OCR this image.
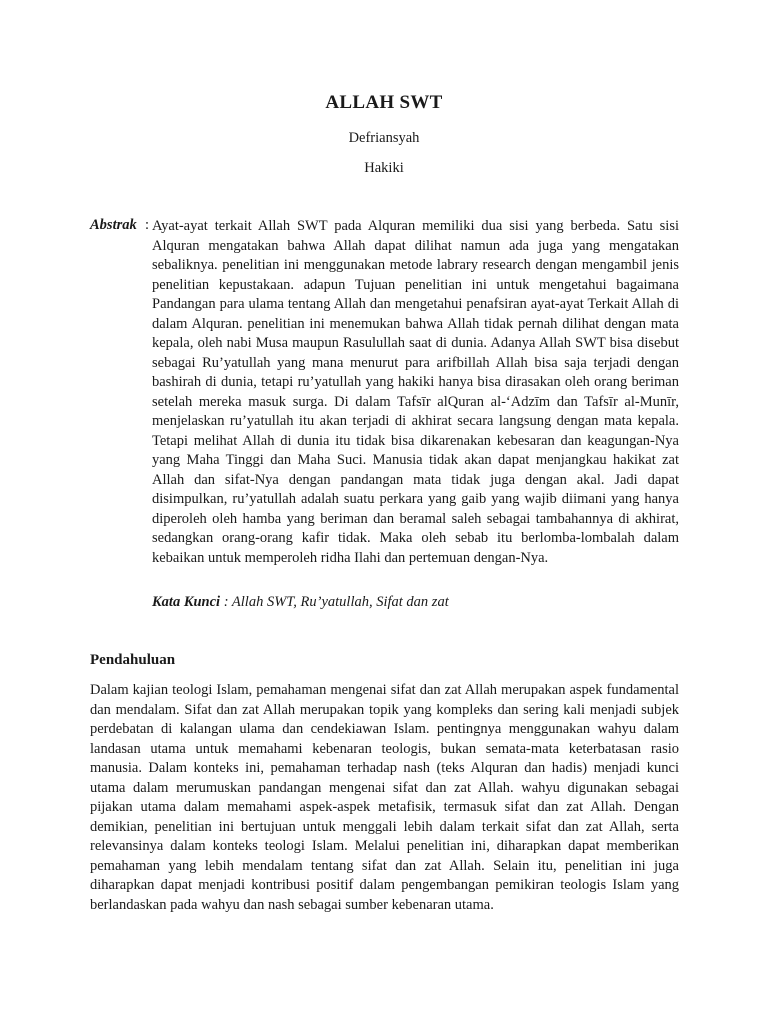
ALLAH SWT
Defriansyah
Hakiki
Abstrak : Ayat-ayat terkait Allah SWT pada Alquran memiliki dua sisi yang berbeda. Satu sisi Alquran mengatakan bahwa Allah dapat dilihat namun ada juga yang mengatakan sebaliknya. penelitian ini menggunakan metode labrary research dengan mengambil jenis penelitian kepustakaan. adapun Tujuan penelitian ini untuk mengetahui bagaimana Pandangan para ulama tentang Allah dan mengetahui penafsiran ayat-ayat Terkait Allah di dalam Alquran. penelitian ini menemukan bahwa Allah tidak pernah dilihat dengan mata kepala, oleh nabi Musa maupun Rasulullah saat di dunia. Adanya Allah SWT bisa disebut sebagai Ru’yatullah yang mana menurut para arifbillah Allah bisa saja terjadi dengan bashirah di dunia, tetapi ru’yatullah yang hakiki hanya bisa dirasakan oleh orang beriman setelah mereka masuk surga. Di dalam Tafsīr alQuran al-‘Adzīm dan Tafsīr al-Munīr, menjelaskan ru’yatullah itu akan terjadi di akhirat secara langsung dengan mata kepala. Tetapi melihat Allah di dunia itu tidak bisa dikarenakan kebesaran dan keagungan-Nya yang Maha Tinggi dan Maha Suci. Manusia tidak akan dapat menjangkau hakikat zat Allah dan sifat-Nya dengan pandangan mata tidak juga dengan akal. Jadi dapat disimpulkan, ru’yatullah adalah suatu perkara yang gaib yang wajib diimani yang hanya diperoleh oleh hamba yang beriman dan beramal saleh sebagai tambahannya di akhirat, sedangkan orang-orang kafir tidak. Maka oleh sebab itu berlomba-lombalah dalam kebaikan untuk memperoleh ridha Ilahi dan pertemuan dengan-Nya.
Kata Kunci : Allah SWT, Ru’yatullah, Sifat dan zat
Pendahuluan
Dalam kajian teologi Islam, pemahaman mengenai sifat dan zat Allah merupakan aspek fundamental dan mendalam. Sifat dan zat Allah merupakan topik yang kompleks dan sering kali menjadi subjek perdebatan di kalangan ulama dan cendekiawan Islam. pentingnya menggunakan wahyu dalam landasan utama untuk memahami kebenaran teologis, bukan semata-mata keterbatasan rasio manusia. Dalam konteks ini, pemahaman terhadap nash (teks Alquran dan hadis) menjadi kunci utama dalam merumuskan pandangan mengenai sifat dan zat Allah. wahyu digunakan sebagai pijakan utama dalam memahami aspek-aspek metafisik, termasuk sifat dan zat Allah. Dengan demikian, penelitian ini bertujuan untuk menggali lebih dalam terkait sifat dan zat Allah, serta relevansinya dalam konteks teologi Islam. Melalui penelitian ini, diharapkan dapat memberikan pemahaman yang lebih mendalam tentang sifat dan zat Allah. Selain itu, penelitian ini juga diharapkan dapat menjadi kontribusi positif dalam pengembangan pemikiran teologis Islam yang berlandaskan pada wahyu dan nash sebagai sumber kebenaran utama.
